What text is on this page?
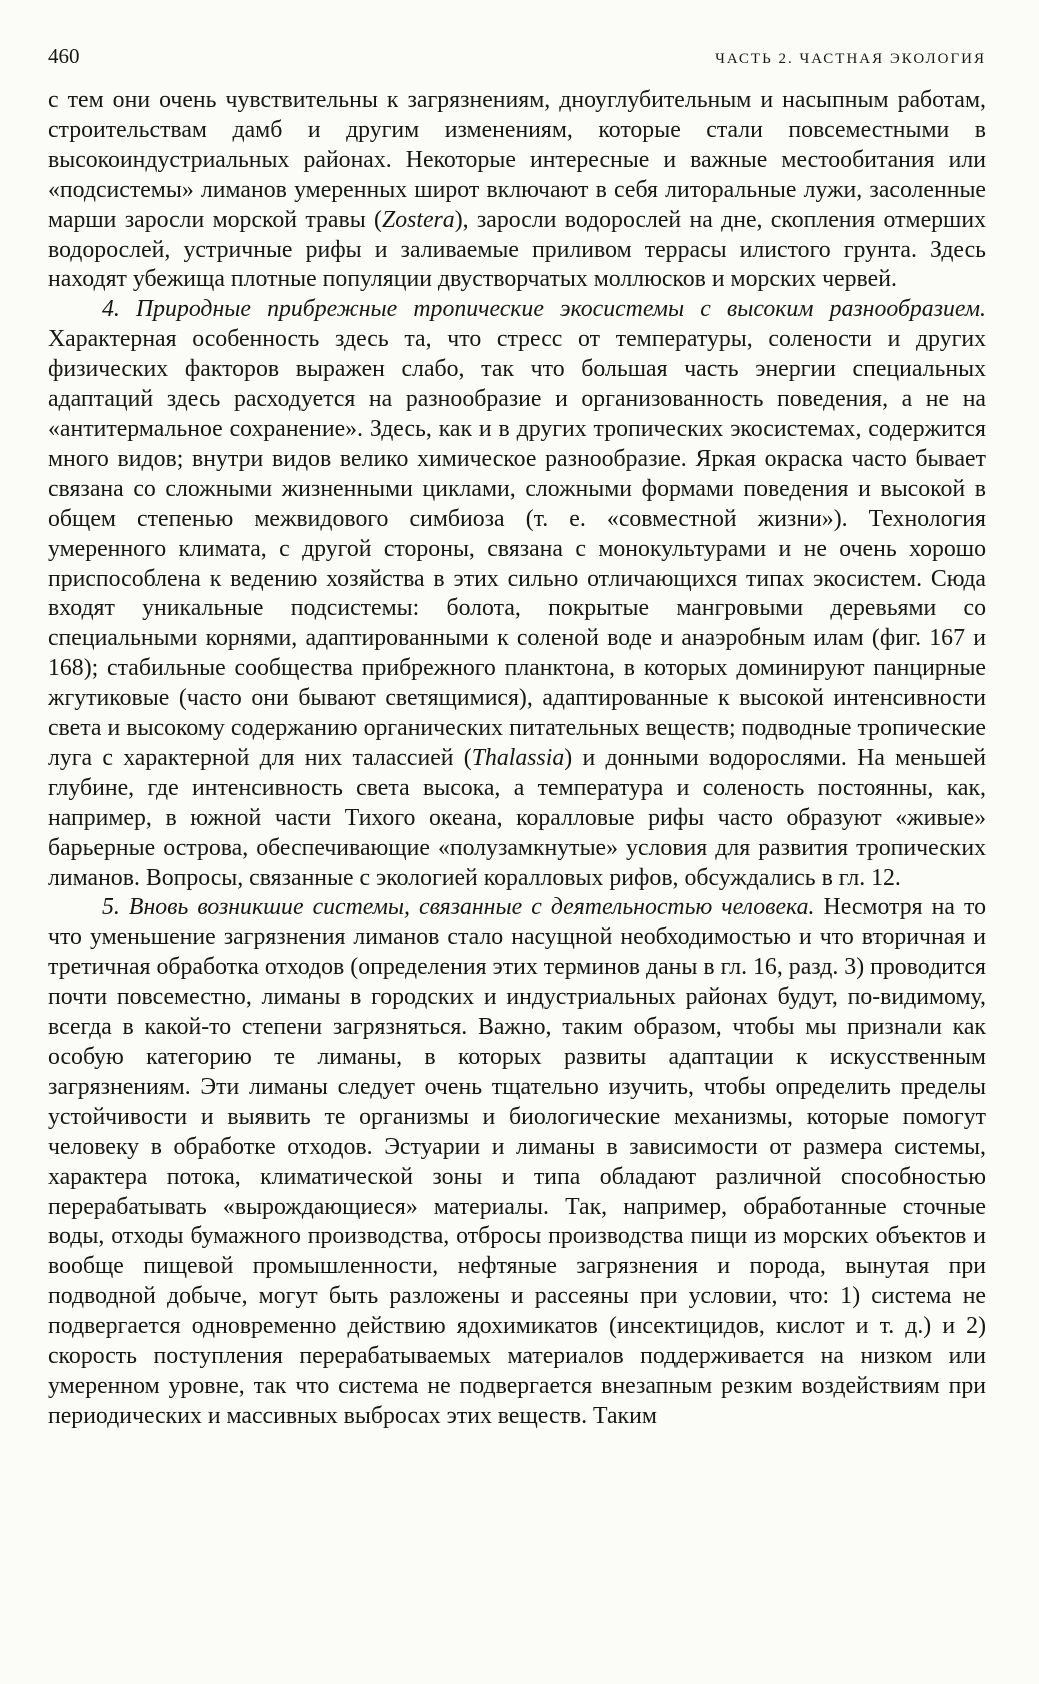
460	ЧАСТЬ 2. ЧАСТНАЯ ЭКОЛОГИЯ

с тем они очень чувствительны к загрязнениям, дноуглубительным и насыпным работам, строительствам дамб и другим изменениям, которые стали повсеместными в высокоиндустриальных районах. Некоторые интересные и важные местообитания или «подсистемы» лиманов умеренных широт включают в себя литоральные лужи, засоленные марши заросли морской травы (Zostera), заросли водорослей на дне, скопления отмерших водорослей, устричные рифы и заливаемые приливом террасы илистого грунта. Здесь находят убежища плотные популяции двустворчатых моллюсков и морских червей.

4. Природные прибрежные тропические экосистемы с высоким разнообразием. Характерная особенность здесь та, что стресс от температуры, солености и других физических факторов выражен слабо, так что большая часть энергии специальных адаптаций здесь расходуется на разнообразие и организованность поведения, а не на «антитермальное сохранение». Здесь, как и в других тропических экосистемах, содержится много видов; внутри видов велико химическое разнообразие. Яркая окраска часто бывает связана со сложными жизненными циклами, сложными формами поведения и высокой в общем степенью межвидового симбиоза (т. е. «совместной жизни»). Технология умеренного климата, с другой стороны, связана с монокультурами и не очень хорошо приспособлена к ведению хозяйства в этих сильно отличающихся типах экосистем. Сюда входят уникальные подсистемы: болота, покрытые мангровыми деревьями со специальными корнями, адаптированными к соленой воде и анаэробным илам (фиг. 167 и 168); стабильные сообщества прибрежного планктона, в которых доминируют панцирные жгутиковые (часто они бывают светящимися), адаптированные к высокой интенсивности света и высокому содержанию органических питательных веществ; подводные тропические луга с характерной для них талассией (Thalassia) и донными водорослями. На меньшей глубине, где интенсивность света высока, а температура и соленость постоянны, как, например, в южной части Тихого океана, коралловые рифы часто образуют «живые» барьерные острова, обеспечивающие «полузамкнутые» условия для развития тропических лиманов. Вопросы, связанные с экологией коралловых рифов, обсуждались в гл. 12.

5. Вновь возникшие системы, связанные с деятельностью человека. Несмотря на то что уменьшение загрязнения лиманов стало насущной необходимостью и что вторичная и третичная обработка отходов (определения этих терминов даны в гл. 16, разд. 3) проводится почти повсеместно, лиманы в городских и индустриальных районах будут, по-видимому, всегда в какой-то степени загрязняться. Важно, таким образом, чтобы мы признали как особую категорию те лиманы, в которых развиты адаптации к искусственным загрязнениям. Эти лиманы следует очень тщательно изучить, чтобы определить пределы устойчивости и выявить те организмы и биологические механизмы, которые помогут человеку в обработке отходов. Эстуарии и лиманы в зависимости от размера системы, характера потока, климатической зоны и типа обладают различной способностью перерабатывать «вырождающиеся» материалы. Так, например, обработанные сточные воды, отходы бумажного производства, отбросы производства пищи из морских объектов и вообще пищевой промышленности, нефтяные загрязнения и порода, вынутая при подводной добыче, могут быть разложены и рассеяны при условии, что: 1) система не подвергается одновременно действию ядохимикатов (инсектицидов, кислот и т. д.) и 2) скорость поступления перерабатываемых материалов поддерживается на низком или умеренном уровне, так что система не подвергается внезапным резким воздействиям при периодических и массивных выбросах этих веществ. Таким
